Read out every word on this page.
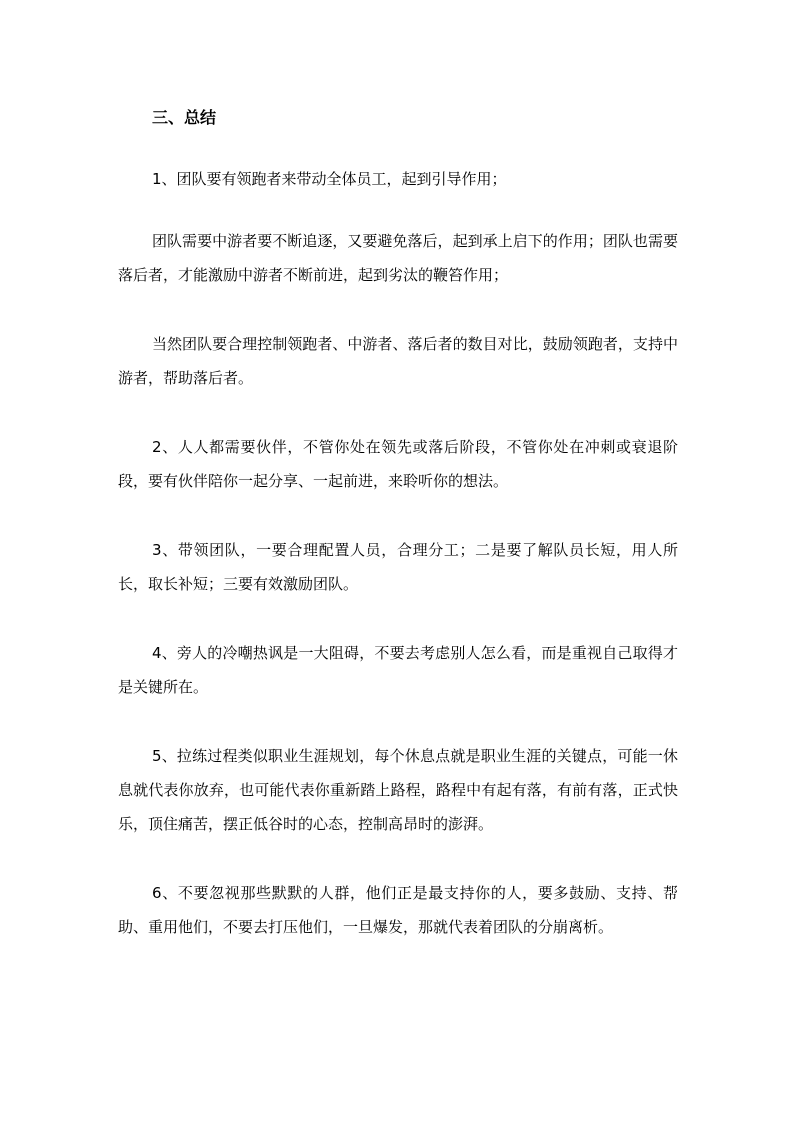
三、总结

1、团队要有领跑者来带动全体员工，起到引导作用；

团队需要中游者要不断追逐，又要避免落后，起到承上启下的作用；团队也需要落后者，才能激励中游者不断前进，起到劣汰的鞭笞作用；

当然团队要合理控制领跑者、中游者、落后者的数目对比，鼓励领跑者，支持中游者，帮助落后者。

2、人人都需要伙伴，不管你处在领先或落后阶段，不管你处在冲刺或衰退阶段，要有伙伴陪你一起分享、一起前进，来聆听你的想法。

3、带领团队，一要合理配置人员，合理分工；二是要了解队员长短，用人所长，取长补短；三要有效激励团队。

4、旁人的冷嘲热讽是一大阻碍，不要去考虑别人怎么看，而是重视自己取得才是关键所在。

5、拉练过程类似职业生涯规划，每个休息点就是职业生涯的关键点，可能一休息就代表你放弃，也可能代表你重新踏上路程，路程中有起有落，有前有落，正式快乐，顶住痛苦，摆正低谷时的心态，控制高昂时的澎湃。

6、不要忽视那些默默的人群，他们正是最支持你的人，要多鼓励、支持、帮助、重用他们，不要去打压他们，一旦爆发，那就代表着团队的分崩离析。
